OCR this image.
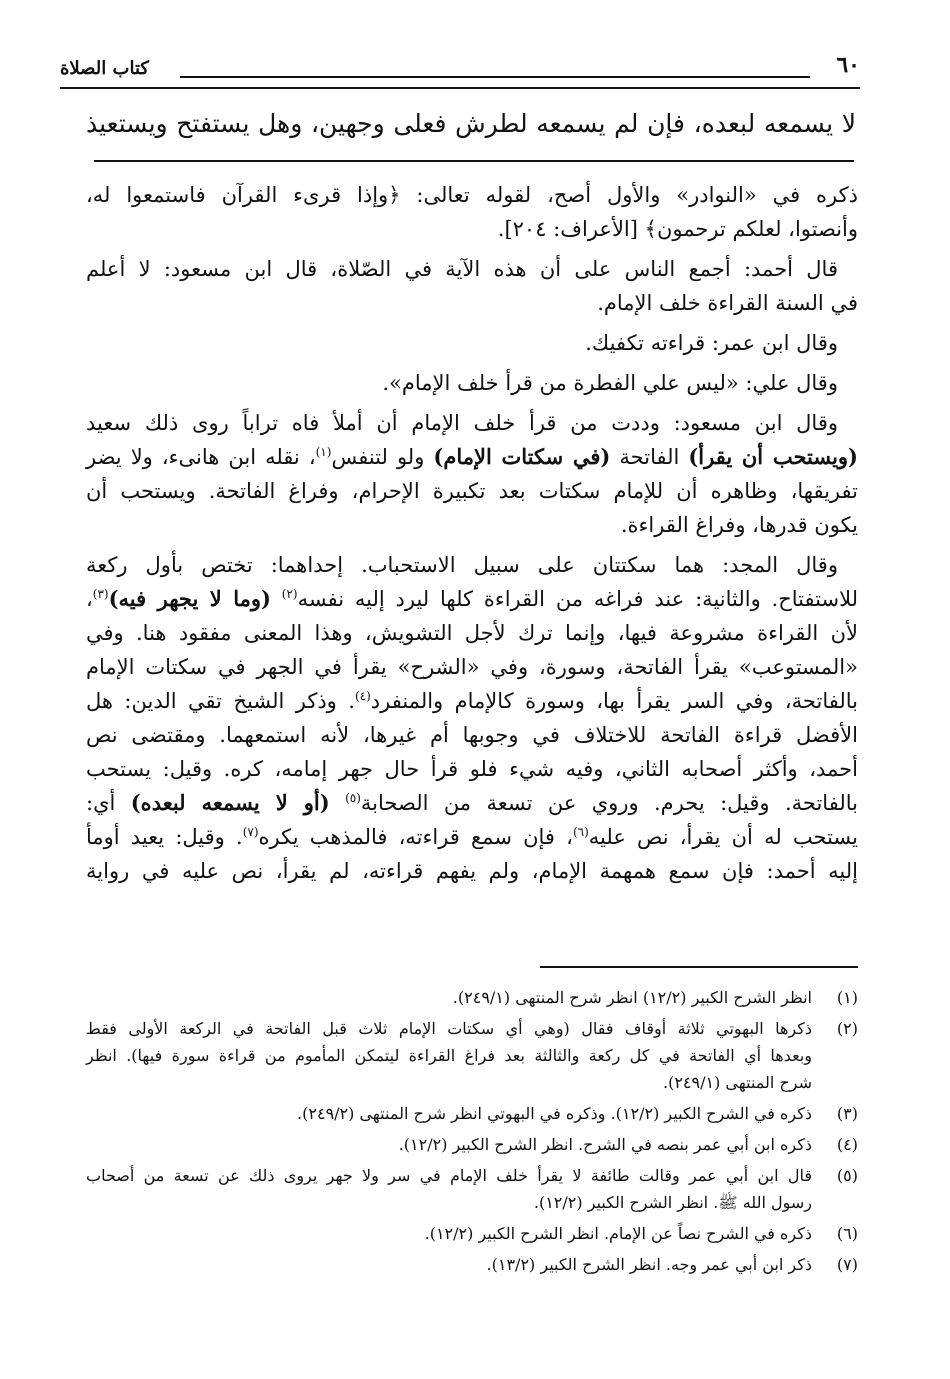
٦٠
كتاب الصلاة
لا يسمعه لبعده، فإن لم يسمعه لطرش فعلى وجهين، وهل يستفتح ويستعيذ

ذكره في «النوادر» والأول أصح، لقوله تعالى: ﴿وإذا قرىء القرآن فاستمعوا له،
وأنصتوا، لعلكم ترحمون﴾ [الأعراف: ٢٠٤].

قال أحمد: أجمع الناس على أن هذه الآية في الصّلاة، قال ابن مسعود: لا أعلم
في السنة القراءة خلف الإمام.

وقال ابن عمر: قراءته تكفيك.

وقال علي: «ليس علي الفطرة من قرأ خلف الإمام».

وقال ابن مسعود: وددت من قرأ خلف الإمام أن أملأ فاه تراباً روى ذلك سعيد
(ويستحب أن يقرأ) الفاتحة (في سكتات الإمام) ولو لتنفس$^{(١)}$، نقله ابن هانىء، ولا يضر
تفريقها، وظاهره أن للإمام سكتات بعد تكبيرة الإحرام، وفراغ الفاتحة. ويستحب أن
يكون قدرها، وفراغ القراءة.

وقال المجد: هما سكتتان على سبيل الاستحباب. إحداهما: تختص بأول ركعة
للاستفتاح. والثانية: عند فراغه من القراءة كلها ليرد إليه نفسه$^{(٢)}$ (وما لا يجهر فيه)$^{(٣)}$،
لأن القراءة مشروعة فيها، وإنما ترك لأجل التشويش، وهذا المعنى مفقود هنا. وفي
«المستوعب» يقرأ الفاتحة، وسورة، وفي «الشرح» يقرأ في الجهر في سكتات الإمام
بالفاتحة، وفي السر يقرأ بها، وسورة كالإمام والمنفرد$^{(٤)}$. وذكر الشيخ تقي الدين: هل
الأفضل قراءة الفاتحة للاختلاف في وجوبها أم غيرها، لأنه استمعهما. ومقتضى نص
أحمد، وأكثر أصحابه الثاني، وفيه شيء فلو قرأ حال جهر إمامه، كره. وقيل: يستحب
بالفاتحة. وقيل: يحرم. وروي عن تسعة من الصحابة$^{(٥)}$ (أو لا يسمعه لبعده) أي:
يستحب له أن يقرأ، نص عليه$^{(٦)}$، فإن سمع قراءته، فالمذهب يكره$^{(٧)}$. وقيل: يعيد أومأ
إليه أحمد: فإن سمع همهمة الإمام، ولم يفهم قراءته، لم يقرأ، نص عليه في رواية

(١)
انظر الشرح الكبير (١٢/٢) انظر شرح المنتهى (٢٤٩/١).
(٢)
ذكرها البهوتي ثلاثة أوقاف فقال (وهي أي سكتات الإمام ثلاث قبل الفاتحة في الركعة الأولى فقط
وبعدها أي الفاتحة في كل ركعة والثالثة بعد فراغ القراءة ليتمكن المأموم من قراءة سورة فيها). انظر
شرح المنتهى (٢٤٩/١).
(٣)
ذكره في الشرح الكبير (١٢/٢). وذكره في البهوتي انظر شرح المنتهى (٢٤٩/٢).
(٤)
ذكره ابن أبي عمر بنصه في الشرح. انظر الشرح الكبير (١٢/٢).
(٥)
قال ابن أبي عمر وقالت طائفة لا يقرأ خلف الإمام في سر ولا جهر يروى ذلك عن تسعة من أصحاب
رسول الله ﷺ. انظر الشرح الكبير (١٢/٢).
(٦)
ذكره في الشرح نصاً عن الإمام. انظر الشرح الكبير (١٢/٢).
(٧)
ذكر ابن أبي عمر وجه. انظر الشرح الكبير (١٣/٢).
